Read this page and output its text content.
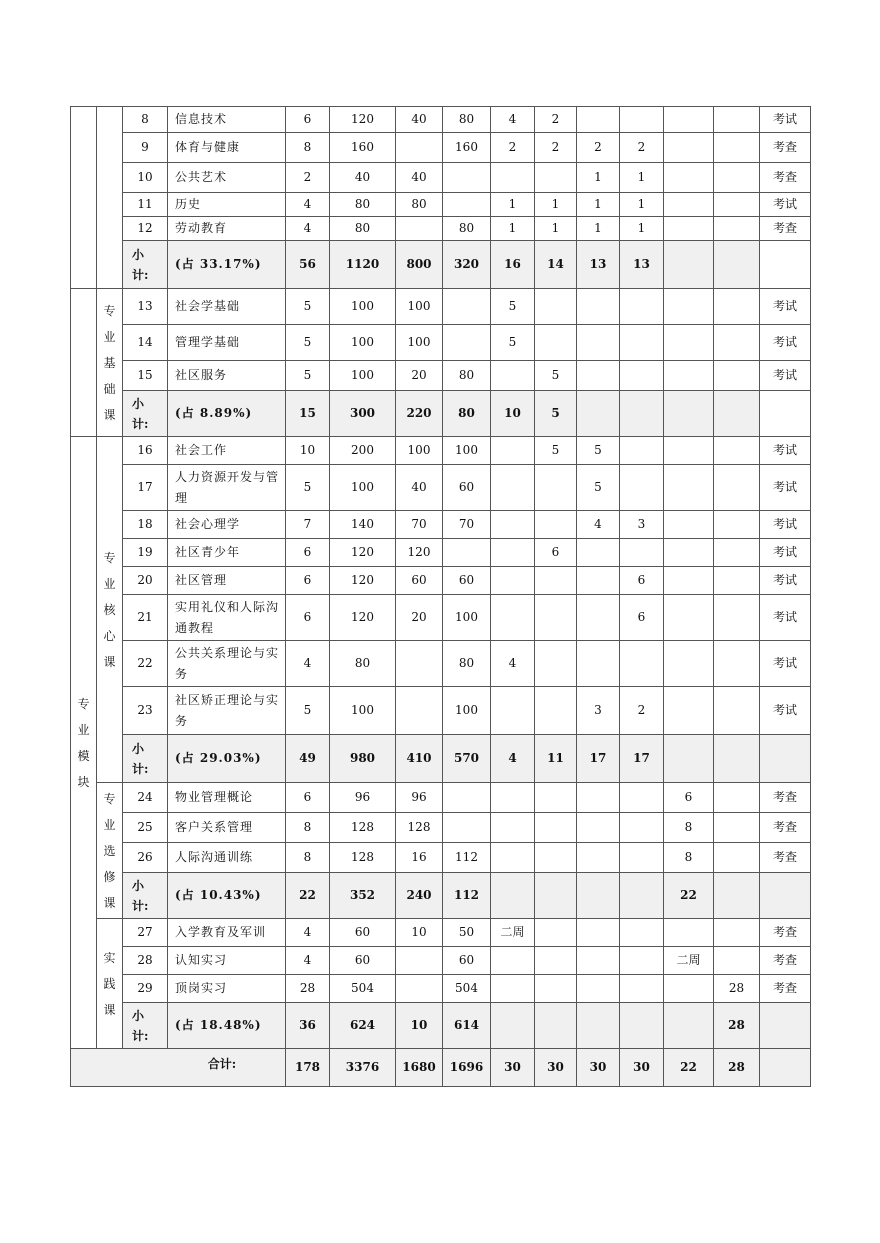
		8	信息技术	6	120	40	80	4	2					考试
		9	体育与健康	8	160		160	2	2	2	2			考查
		10	公共艺术	2	40	40				1	1			考查
		11	历史	4	80	80		1	1	1	1			考试
		12	劳动教育	4	80		80	1	1	1	1			考查
		小计:	(占 33.17%)	56	1120	800	320	16	14	13	13			
	专业基础课	13	社会学基础	5	100	100		5						考试
		14	管理学基础	5	100	100		5						考试
		15	社区服务	5	100	20	80		5					考试
		小计:	(占 8.89%)	15	300	220	80	10	5					
专业模块	专业核心课	16	社会工作	10	200	100	100		5	5				考试
		17	人力资源开发与管理	5	100	40	60			5				考试
		18	社会心理学	7	140	70	70			4	3			考试
		19	社区青少年	6	120	120			6					考试
		20	社区管理	6	120	60	60				6			考试
		21	实用礼仪和人际沟通教程	6	120	20	100				6			考试
		22	公共关系理论与实务	4	80		80	4						考试
		23	社区矫正理论与实务	5	100		100			3	2			考试
		小计:	(占 29.03%)	49	980	410	570	4	11	17	17			
	专业选修课	24	物业管理概论	6	96	96						6		考查
		25	客户关系管理	8	128	128						8		考查
		26	人际沟通训练	8	128	16	112					8		考查
		小计:	(占 10.43%)	22	352	240	112					22		
	实践课	27	入学教育及军训	4	60	10	50	二周						考查
		28	认知实习	4	60		60					二周		考查
		29	顶岗实习	28	504		504						28	考查
		小计:	(占 18.48%)	36	624	10	614						28	
合计:				178	3376	1680	1696	30	30	30	30	22	28	
